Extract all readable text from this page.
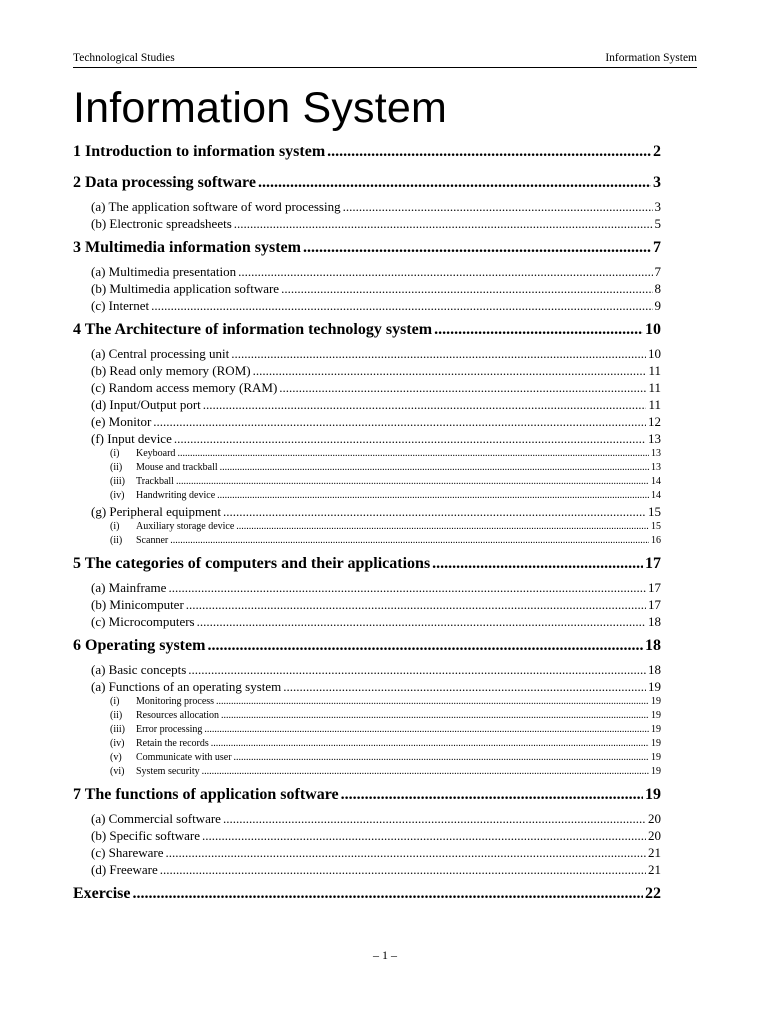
Technological Studies	Information System
Information System
1 Introduction to information system .....	2
2 Data processing software .....	3
(a) The application software of word processing .....	3
(b) Electronic spreadsheets .....	5
3 Multimedia information system .....	7
(a) Multimedia presentation .....	7
(b) Multimedia application software .....	8
(c) Internet .....	9
4 The Architecture of information technology system .....	10
(a) Central processing unit .....	10
(b) Read only memory (ROM) .....	11
(c) Random access memory (RAM) .....	11
(d) Input/Output port .....	11
(e) Monitor .....	12
(f) Input device .....	13
(i) Keyboard .....	13
(ii) Mouse and trackball .....	13
(iii) Trackball .....	14
(iv) Handwriting device .....	14
(g) Peripheral equipment .....	15
(i) Auxiliary storage device .....	15
(ii) Scanner .....	16
5 The categories of computers and their applications .....	17
(a) Mainframe .....	17
(b) Minicomputer .....	17
(c) Microcomputers .....	18
6 Operating system .....	18
(a) Basic concepts .....	18
(a) Functions of an operating system .....	19
(i) Monitoring process .....	19
(ii) Resources allocation .....	19
(iii) Error processing .....	19
(iv) Retain the records .....	19
(v) Communicate with user .....	19
(vi) System security .....	19
7 The functions of application software .....	19
(a) Commercial software .....	20
(b) Specific software .....	20
(c) Shareware .....	21
(d) Freeware .....	21
Exercise .....	22
– 1 –
